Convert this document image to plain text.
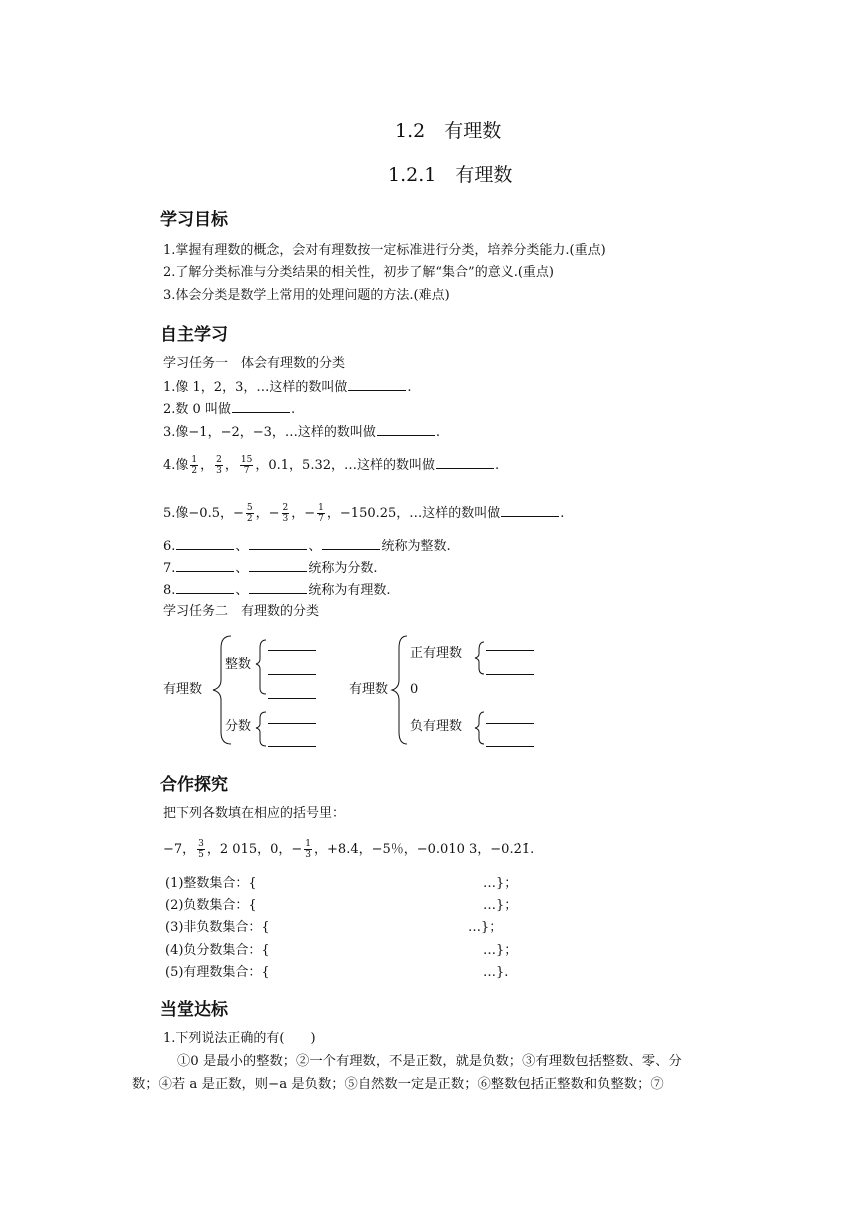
1.2　有理数
1.2.1　有理数
学习目标
1.掌握有理数的概念，会对有理数按一定标准进行分类，培养分类能力.(重点)
2.了解分类标准与分类结果的相关性，初步了解“集合”的意义.(重点)
3.体会分类是数学上常用的处理问题的方法.(难点)
自主学习
学习任务一　体会有理数的分类
1.像 1，2，3，…这样的数叫做	.
2.数 0 叫做	.
3.像−1，−2，−3，…这样的数叫做	.
4.像 $\frac{1}{2}$ ， $\frac{2}{3}$ ， $\frac{15}{7}$ ，0.1，5.32，…这样的数叫做	.
5.像−0.5，− $\frac{5}{2}$ ，− $\frac{2}{3}$ ，− $\frac{1}{7}$ ，−150.25，…这样的数叫做	.
6.	、	、	统称为整数.
7.	、	统称为分数.
8.	、	统称为有理数.
学习任务二　有理数的分类
有理数
整数
分数
有理数
正有理数
0
负有理数
合作探究
把下列各数填在相应的括号里：
−7， $\frac{3}{5}$ ，2 015，0，− $\frac{1}{3}$ ，+8.4，−5％，−0.010 3，−0.2̇1̇.
(1)整数集合：{	…}；
(2)负数集合：{	…}；
(3)非负数集合：{	…}；
(4)负分数集合：{	…}；
(5)有理数集合：{	…}.
当堂达标
1.下列说法正确的有(　　)
①0 是最小的整数；②一个有理数，不是正数，就是负数；③有理数包括整数、零、分
数；④若 a 是正数，则−a 是负数；⑤自然数一定是正数；⑥整数包括正整数和负整数；⑦
